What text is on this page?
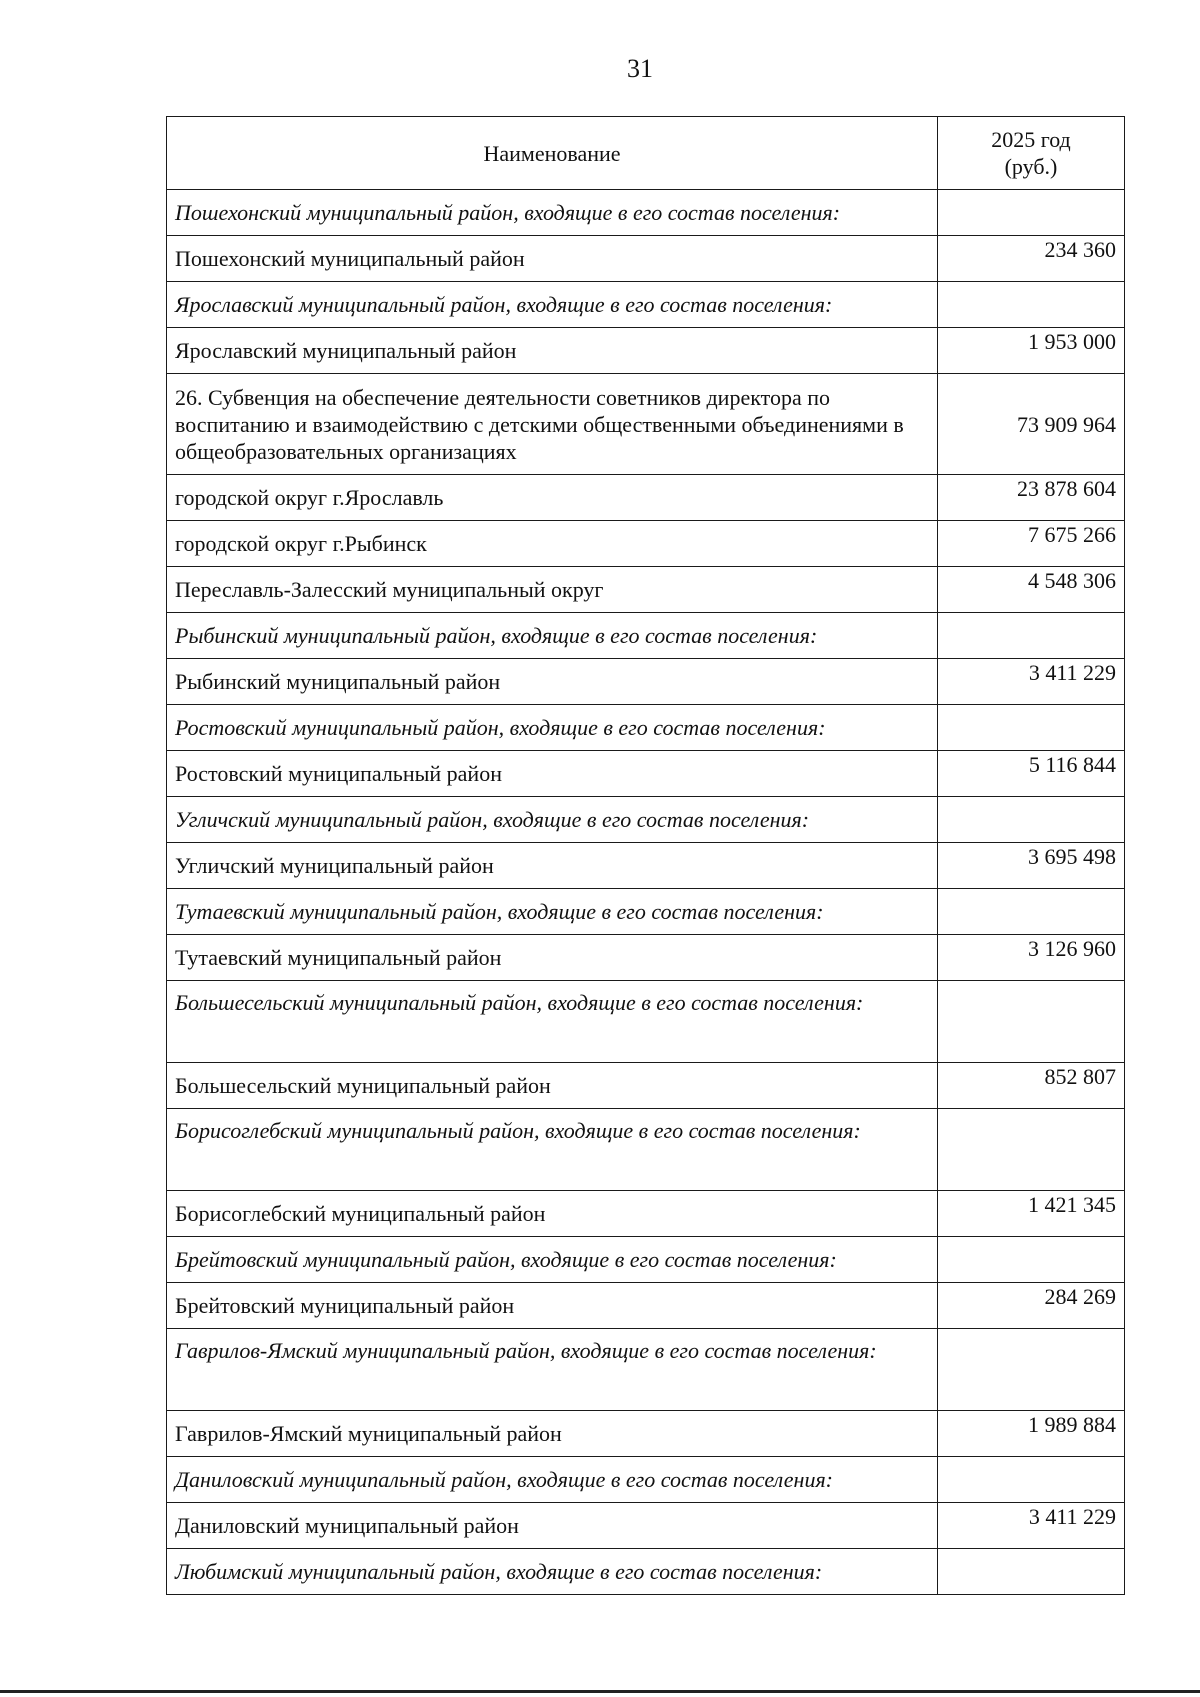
31
Наименование	2025 год
(руб.)
Пошехонский муниципальный район, входящие в его состав поселения:	
Пошехонский муниципальный район	234 360
Ярославский муниципальный район, входящие в его состав поселения:	
Ярославский муниципальный район	1 953 000
26. Субвенция на обеспечение деятельности советников директора по воспитанию и взаимодействию с детскими общественными объединениями в общеобразовательных организациях	73 909 964
городской округ г.Ярославль	23 878 604
городской округ г.Рыбинск	7 675 266
Переславль-Залесский муниципальный округ	4 548 306
Рыбинский муниципальный район, входящие в его состав поселения:	
Рыбинский муниципальный район	3 411 229
Ростовский муниципальный район, входящие в его состав поселения:	
Ростовский муниципальный район	5 116 844
Угличский муниципальный район, входящие в его состав поселения:	
Угличский муниципальный район	3 695 498
Тутаевский муниципальный район, входящие в его состав поселения:	
Тутаевский муниципальный район	3 126 960
Большесельский муниципальный район, входящие в его состав поселения:	
Большесельский муниципальный район	852 807
Борисоглебский муниципальный район, входящие в его состав поселения:	
Борисоглебский муниципальный район	1 421 345
Брейтовский муниципальный район, входящие в его состав поселения:	
Брейтовский муниципальный район	284 269
Гаврилов-Ямский муниципальный район, входящие в его состав поселения:	
Гаврилов-Ямский муниципальный район	1 989 884
Даниловский муниципальный район, входящие в его состав поселения:	
Даниловский муниципальный район	3 411 229
Любимский муниципальный район, входящие в его состав поселения:	
